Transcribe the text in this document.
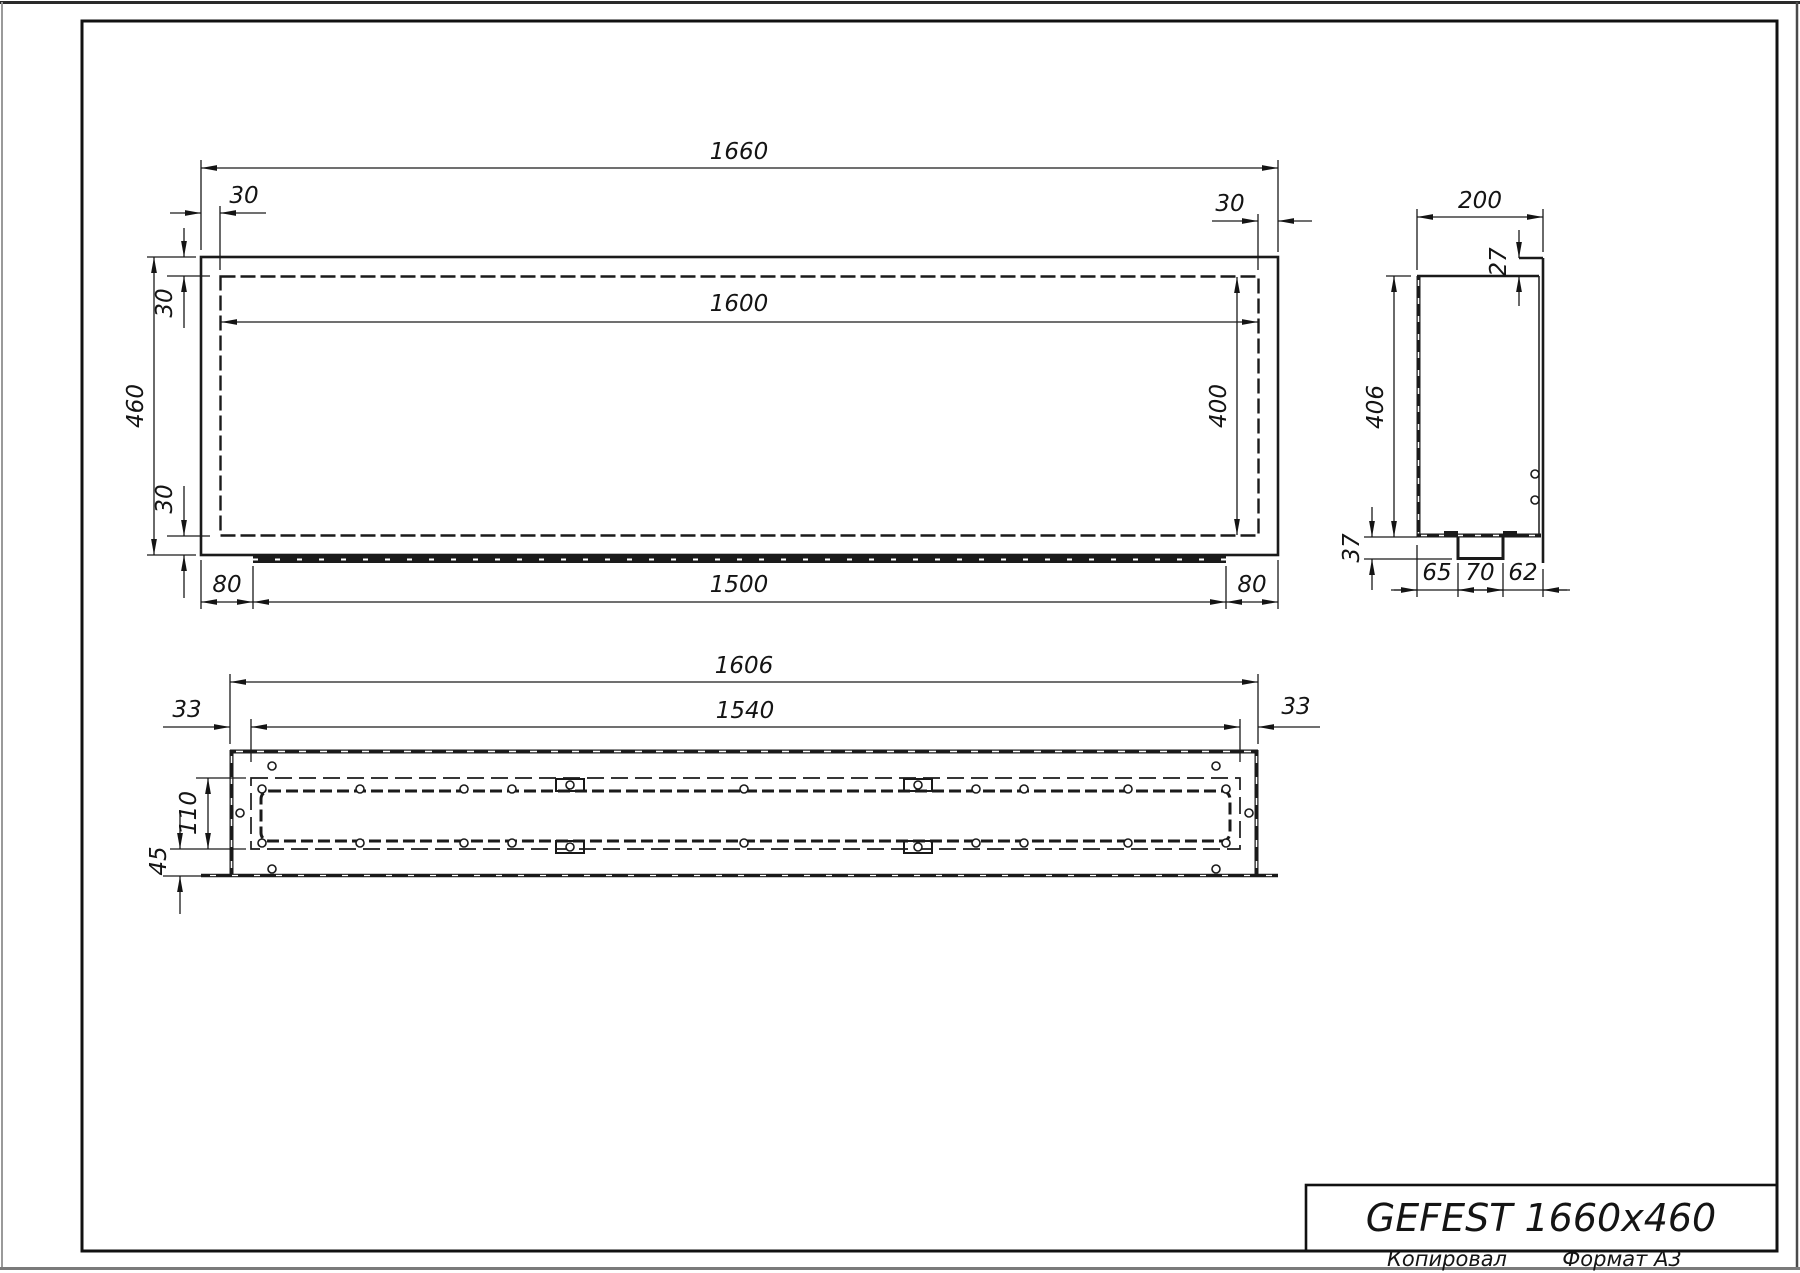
1660
30	30
1600
460
30
30
400
1500
80	80
200
27
406
37
65 70 62
1606
1540
33	33
110
45
GEFEST 1660x460
Копировал	Формат А3
